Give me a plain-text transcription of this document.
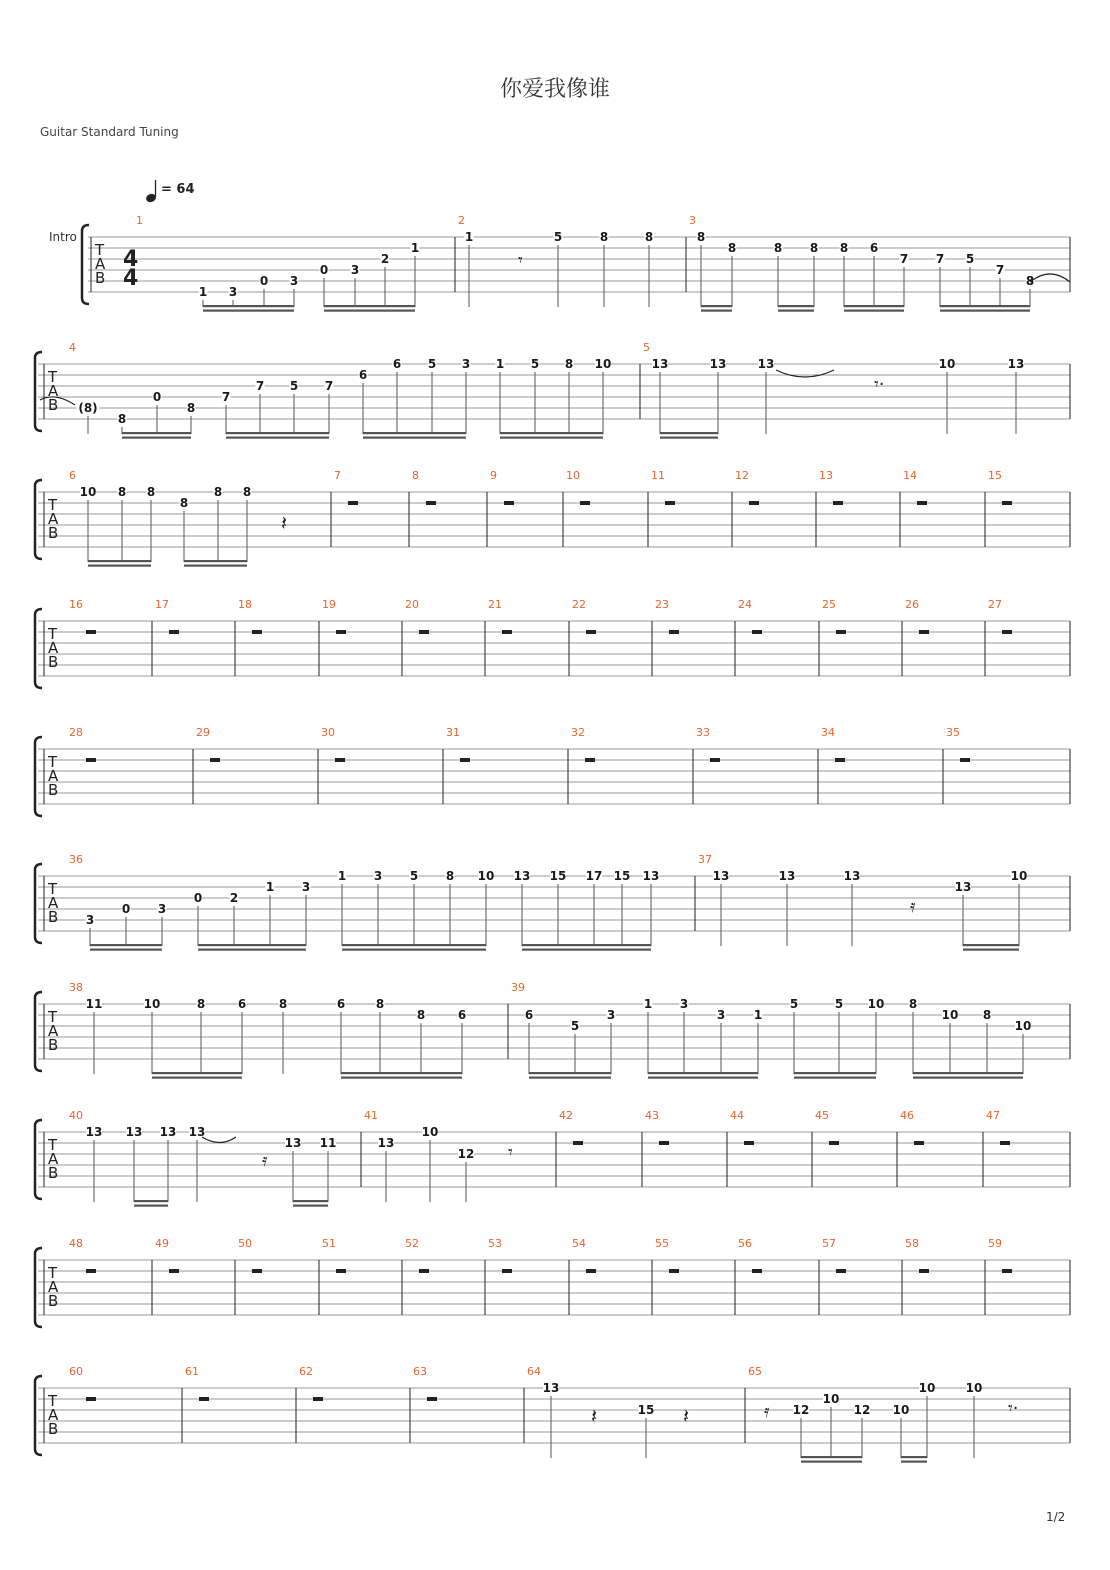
你爱我像谁
Guitar Standard Tuning
= 64
Intro
T
A
B
4
4
1
1 3
0 3
0 3
2
1
2
1	5	8	8
3
8
8	8 8 8 6
7 7 5
7
8
T
A
B
4
(8)
8
0
8
7
7 5 7
6
6 5 3 1 5 8 10
5
13	13	13	10	13
T
A
B
6
10 8 8
8
8 8
7	8	9	10	11	12	13	14	15
T
A
B
16	17	18	19	20	21	22	23	24	25	26	27
T
A
B
28	29	30	31	32	33	34	35
T
A
B
36
3
0 3
0 2
1 3
1 3 5 8 10 13 15 17 15 13
37
13	13	13
13
10
T
A
B
38
11	10	8	6	8	6	8
8	6
39
6
5
3
1 3
3 1
5	5 10 8
10 8
10
T
A
B
40
13 13 13 13
13 11
41
13
10
12
42	43	44	45	46	47
T
A
B
48	49	50	51	52	53	54	55	56	57	58	59
T
A
B
60	61	62	63	64
13
15
65
12
10
12 10
10	10
𝄾
𝄾·
𝄽
𝄿
𝄿	𝄾
𝄽	𝄽	𝄿	𝄾·
1/2
